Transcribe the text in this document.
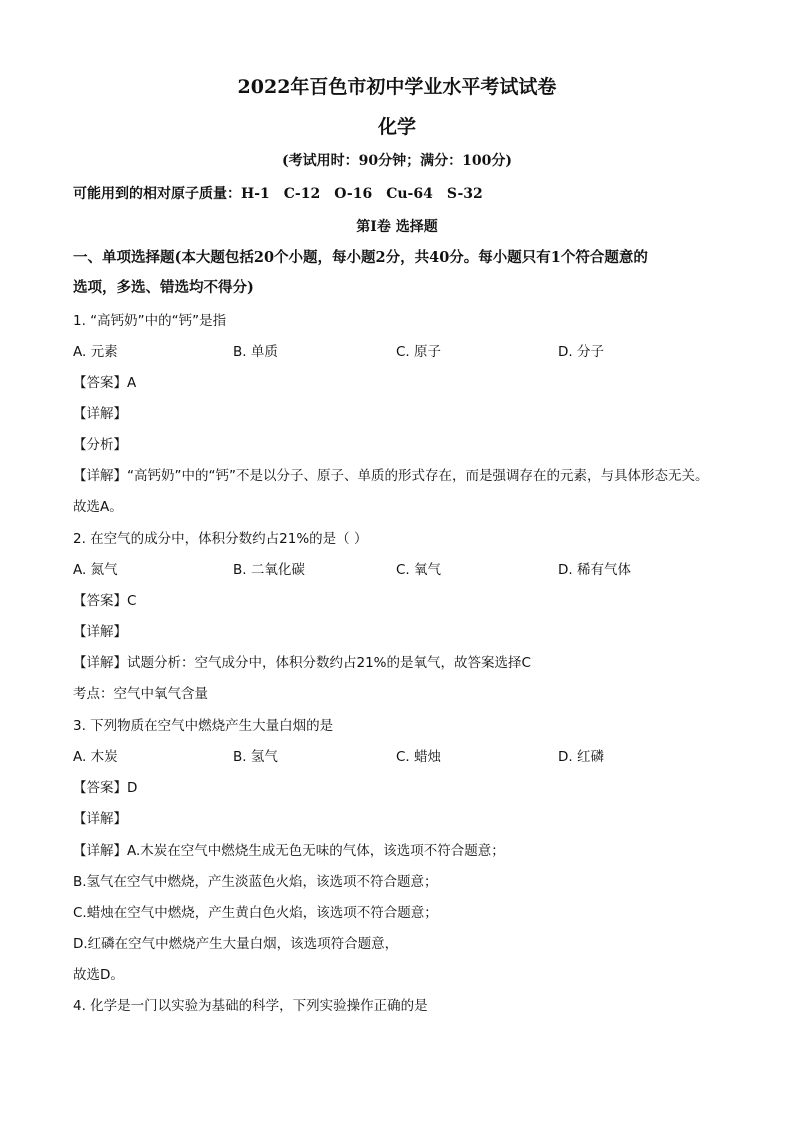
2022年百色市初中学业水平考试试卷
化学
(考试用时：90分钟；满分：100分)
可能用到的相对原子质量：H-1　C-12　O-16　Cu-64　S-32
第Ⅰ卷 选择题
一、单项选择题(本大题包括20个小题，每小题2分，共40分。每小题只有1个符合题意的
选项，多选、错选均不得分)
1. “高钙奶”中的“钙”是指
A. 元素	B. 单质	C. 原子	D. 分子
【答案】A
【详解】
【分析】
【详解】“高钙奶”中的“钙”不是以分子、原子、单质的形式存在，而是强调存在的元素，与具体形态无关。
故选A。
2. 在空气的成分中，体积分数约占21%的是（ ）
A. 氮气	B. 二氧化碳	C. 氧气	D. 稀有气体
【答案】C
【详解】
【详解】试题分析：空气成分中，体积分数约占21%的是氧气，故答案选择C
考点：空气中氧气含量
3. 下列物质在空气中燃烧产生大量白烟的是
A. 木炭	B. 氢气	C. 蜡烛	D. 红磷
【答案】D
【详解】
【详解】A.木炭在空气中燃烧生成无色无味的气体，该选项不符合题意；
B.氢气在空气中燃烧，产生淡蓝色火焰，该选项不符合题意；
C.蜡烛在空气中燃烧，产生黄白色火焰，该选项不符合题意；
D.红磷在空气中燃烧产生大量白烟，该选项符合题意，
故选D。
4. 化学是一门以实验为基础的科学，下列实验操作正确的是
